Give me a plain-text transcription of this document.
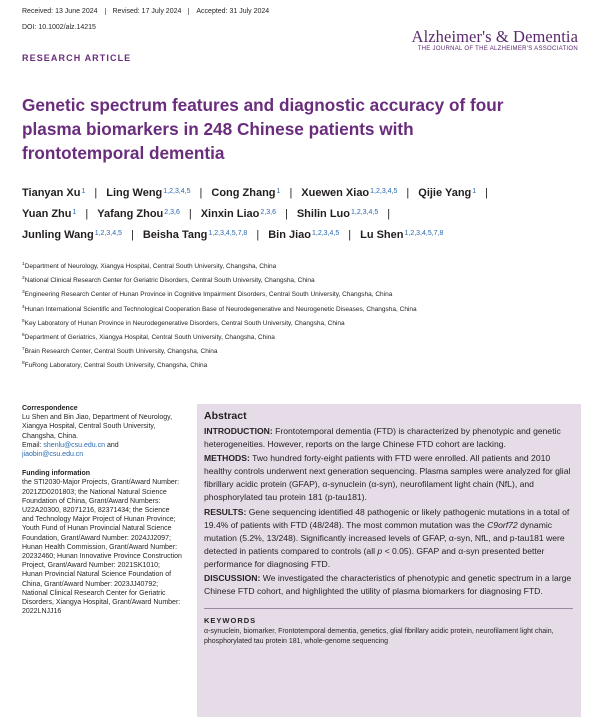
Received: 13 June 2024	Revised: 17 July 2024	Accepted: 31 July 2024
DOI: 10.1002/alz.14215	Alzheimer's & Dementia
THE JOURNAL OF THE ALZHEIMER'S ASSOCIATION
RESEARCH ARTICLE
Genetic spectrum features and diagnostic accuracy of four plasma biomarkers in 248 Chinese patients with frontotemporal dementia
Tianyan Xu 1 | Ling Weng 1,2,3,4,5 | Cong Zhang 1 | Xuewen Xiao 1,2,3,4,5 | Qijie Yang 1 |
Yuan Zhu 1 | Yafang Zhou 2,3,6 | Xinxin Liao 2,3,6 | Shilin Luo 1,2,3,4,5 |
Junling Wang 1,2,3,4,5 | Beisha Tang 1,2,3,4,5,7,8 | Bin Jiao 1,2,3,4,5 | Lu Shen 1,2,3,4,5,7,8
$^1$Department of Neurology, Xiangya Hospital, Central South University, Changsha, China
$^2$National Clinical Research Center for Geriatric Disorders, Central South University, Changsha, China
$^3$Engineering Research Center of Hunan Province in Cognitive Impairment Disorders, Central South University, Changsha, China
$^4$Hunan International Scientific and Technological Cooperation Base of Neurodegenerative and Neurogenetic Diseases, Changsha, China
$^5$Key Laboratory of Hunan Province in Neurodegenerative Disorders, Central South University, Changsha, China
$^6$Department of Geriatrics, Xiangya Hospital, Central South University, Changsha, China
$^7$Brain Research Center, Central South University, Changsha, China
$^8$FuRong Laboratory, Central South University, Changsha, China
Correspondence
Lu Shen and Bin Jiao, Department of Neurology, Xiangya Hospital, Central South University, Changsha, China.
Email: shenlu@csu.edu.cn and
jiaobin@csu.edu.cn
Funding information
the STI2030-Major Projects, Grant/Award Number: 2021ZD0201803; the National Natural Science Foundation of China, Grant/Award Numbers: U22A20300, 82071216, 82371434; the Science and Technology Major Project of Hunan Province; Youth Fund of Hunan Provincial Natural Science Foundation, Grant/Award Number: 2024JJ2097; Hunan Health Commission, Grant/Award Number: 20232460; Hunan Innovative Province Construction Project, Grant/Award Number: 2021SK1010; Hunan Provincial Natural Science Foundation of China, Grant/Award Number: 2023JJ40792; National Clinical Research Center for Geriatric Disorders, Xiangya Hospital, Grant/Award Number: 2022LNJJ16
Abstract
INTRODUCTION: Frontotemporal dementia (FTD) is characterized by phenotypic and genetic heterogeneities. However, reports on the large Chinese FTD cohort are lacking.
METHODS: Two hundred forty-eight patients with FTD were enrolled. All patients and 2010 healthy controls underwent next generation sequencing. Plasma samples were analyzed for glial fibrillary acidic protein (GFAP), α-synuclein (α-syn), neurofilament light chain (NfL), and phosphorylated tau protein 181 (p-tau181).
RESULTS: Gene sequencing identified 48 pathogenic or likely pathogenic mutations in a total of 19.4% of patients with FTD (48/248). The most common mutation was the C9orf72 dynamic mutation (5.2%, 13/248). Significantly increased levels of GFAP, α-syn, NfL, and p-tau181 were detected in patients compared to controls (all p < 0.05). GFAP and α-syn presented better performance for diagnosing FTD.
DISCUSSION: We investigated the characteristics of phenotypic and genetic spectrum in a large Chinese FTD cohort, and highlighted the utility of plasma biomarkers for diagnosing FTD.
KEYWORDS
α-synuclein, biomarker, Frontotemporal dementia, genetics, glial fibrillary acidic protein, neurofilament light chain, phosphorylated tau protein 181, whole-genome sequencing
